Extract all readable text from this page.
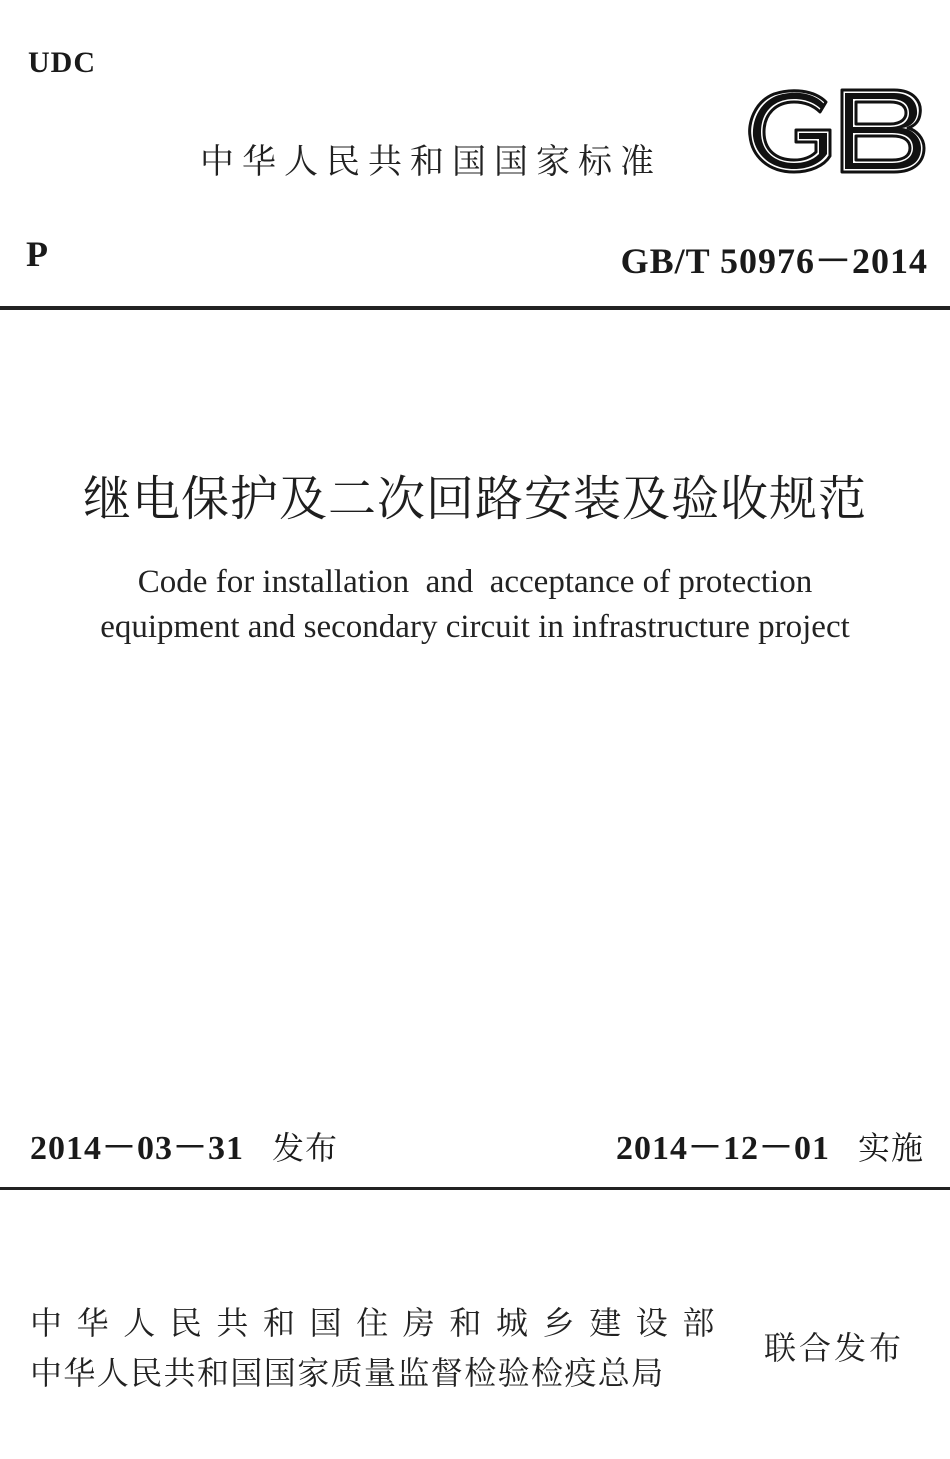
UDC
中华人民共和国国家标准
P	GB/T 50976－2014
继电保护及二次回路安装及验收规范
Code for installation  and  acceptance of protection
equipment and secondary circuit in infrastructure project
2014－03－31 发布	2014－12－01 实施
中华人民共和国住房和城乡建设部
中华人民共和国国家质量监督检验检疫总局
联合发布
